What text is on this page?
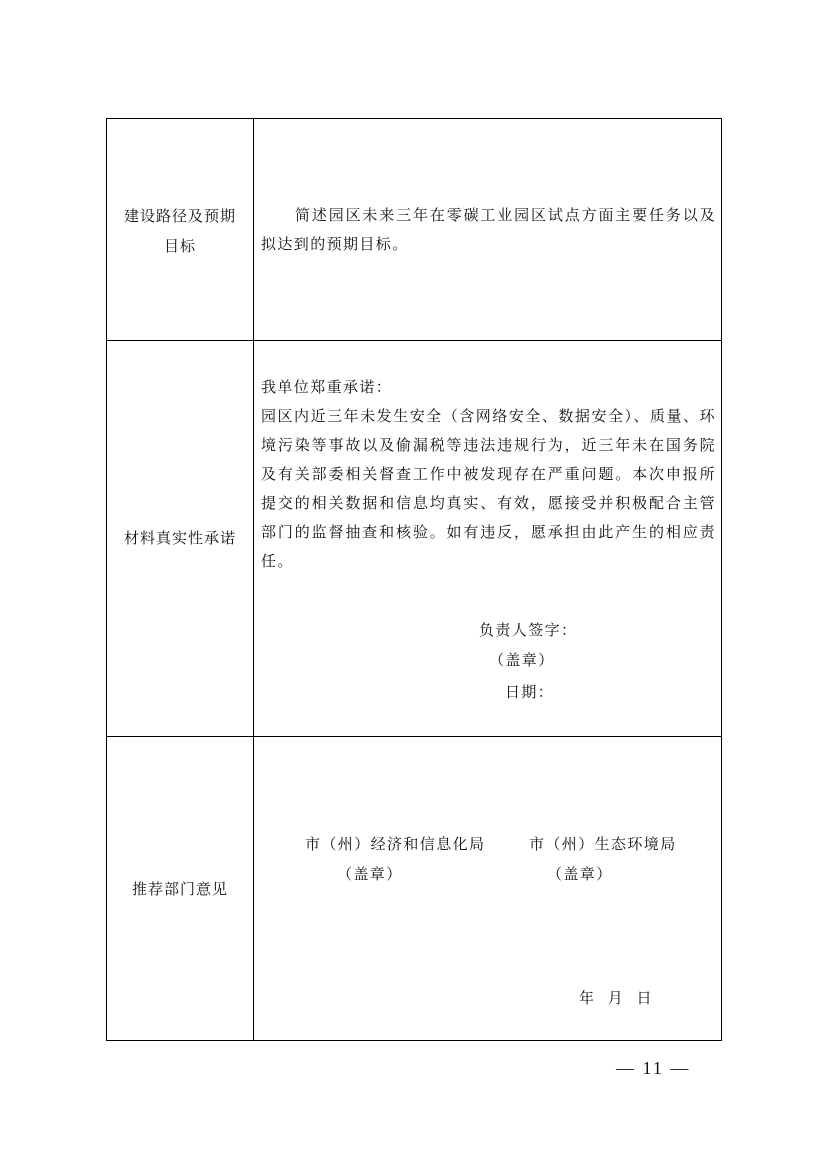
建设路径及预期
目标
简述园区未来三年在零碳工业园区试点方面主要任务以及拟达到的预期目标。
材料真实性承诺
我单位郑重承诺：
园区内近三年未发生安全（含网络安全、数据安全）、质量、环境污染等事故以及偷漏税等违法违规行为，近三年未在国务院及有关部委相关督查工作中被发现存在严重问题。本次申报所提交的相关数据和信息均真实、有效，愿接受并积极配合主管部门的监督抽查和核验。如有违反，愿承担由此产生的相应责任。
负责人签字：
（盖章）
日期：
推荐部门意见
市（州）经济和信息化局
（盖章）
市（州）生态环境局
（盖章）
年  月  日
— 11 —
